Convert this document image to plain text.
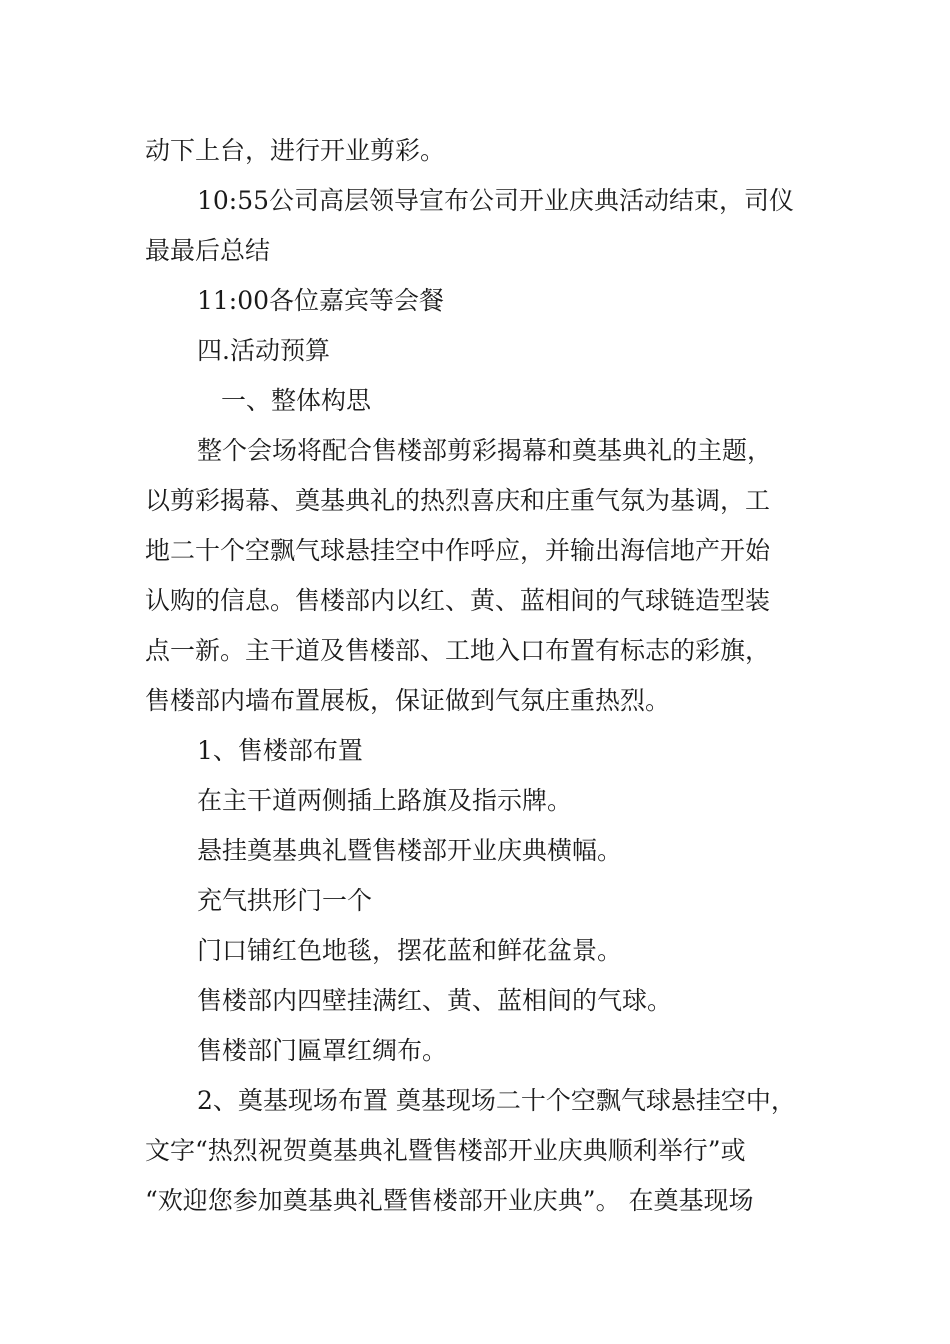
动下上台，进行开业剪彩。
10:55公司高层领导宣布公司开业庆典活动结束，司仪
最最后总结
11:00各位嘉宾等会餐
四.活动预算
一、整体构思
整个会场将配合售楼部剪彩揭幕和奠基典礼的主题，
以剪彩揭幕、奠基典礼的热烈喜庆和庄重气氛为基调，工
地二十个空飘气球悬挂空中作呼应，并输出海信地产开始
认购的信息。售楼部内以红、黄、蓝相间的气球链造型装
点一新。主干道及售楼部、工地入口布置有标志的彩旗，
售楼部内墙布置展板，保证做到气氛庄重热烈。
1、售楼部布置
在主干道两侧插上路旗及指示牌。
悬挂奠基典礼暨售楼部开业庆典横幅。
充气拱形门一个
门口铺红色地毯，摆花蓝和鲜花盆景。
售楼部内四壁挂满红、黄、蓝相间的气球。
售楼部门匾罩红绸布。
2、奠基现场布置 奠基现场二十个空飘气球悬挂空中，
文字“热烈祝贺奠基典礼暨售楼部开业庆典顺利举行”或
“欢迎您参加奠基典礼暨售楼部开业庆典”。 在奠基现场
